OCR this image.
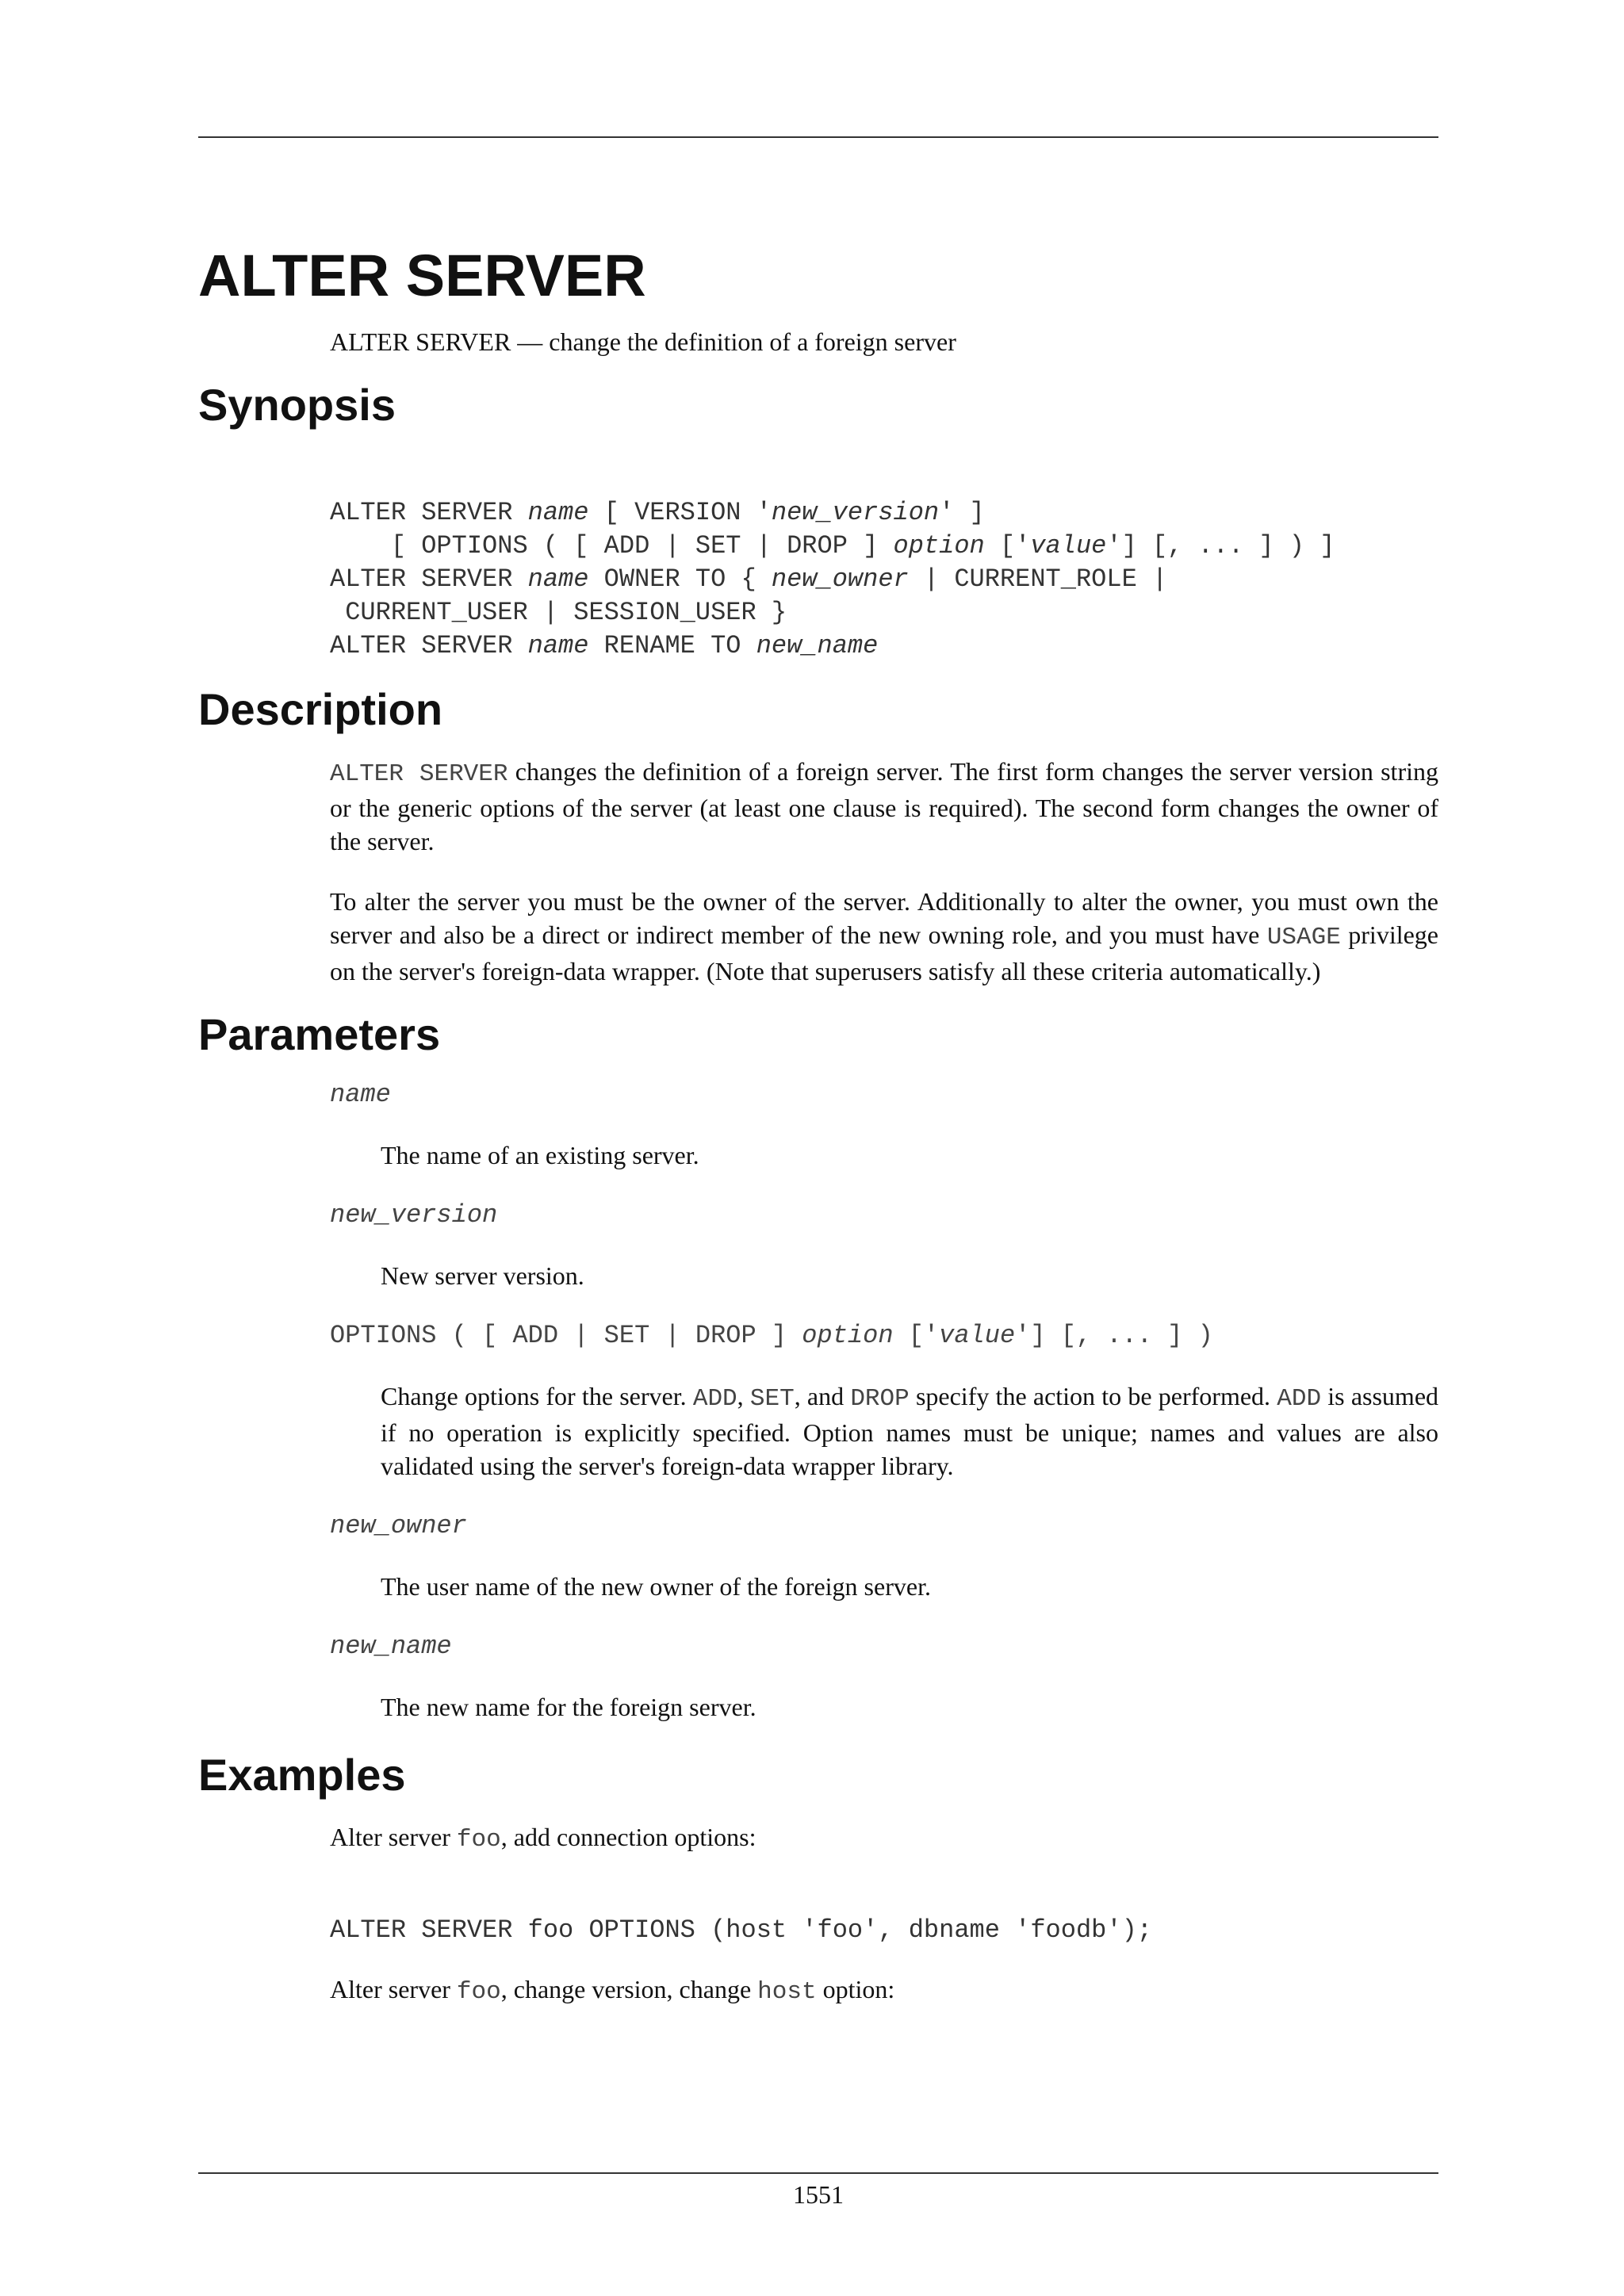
ALTER SERVER

ALTER SERVER — change the definition of a foreign server

Synopsis
ALTER SERVER name [ VERSION 'new_version' ]
[ OPTIONS ( [ ADD | SET | DROP ] option ['value'] [, ... ] ) ]
ALTER SERVER name OWNER TO { new_owner | CURRENT_ROLE |
CURRENT_USER | SESSION_USER }
ALTER SERVER name RENAME TO new_name
Description

ALTER SERVER changes the definition of a foreign server. The first form changes the server version string or the generic options of the server (at least one clause is required). The second form changes the owner of the server.

To alter the server you must be the owner of the server. Additionally to alter the owner, you must own the server and also be a direct or indirect member of the new owning role, and you must have USAGE privilege on the server's foreign-data wrapper. (Note that superusers satisfy all these criteria automatically.)

Parameters
name

The name of an existing server.

new_version

New server version.

OPTIONS ( [ ADD | SET | DROP ] option ['value'] [, ... ] )

Change options for the server. ADD, SET, and DROP specify the action to be performed. ADD is assumed if no operation is explicitly specified. Option names must be unique; names and values are also validated using the server's foreign-data wrapper library.

new_owner

The user name of the new owner of the foreign server.

new_name

The new name for the foreign server.

Examples

Alter server foo, add connection options:

ALTER SERVER foo OPTIONS (host 'foo', dbname 'foodb');

Alter server foo, change version, change host option:

1551
